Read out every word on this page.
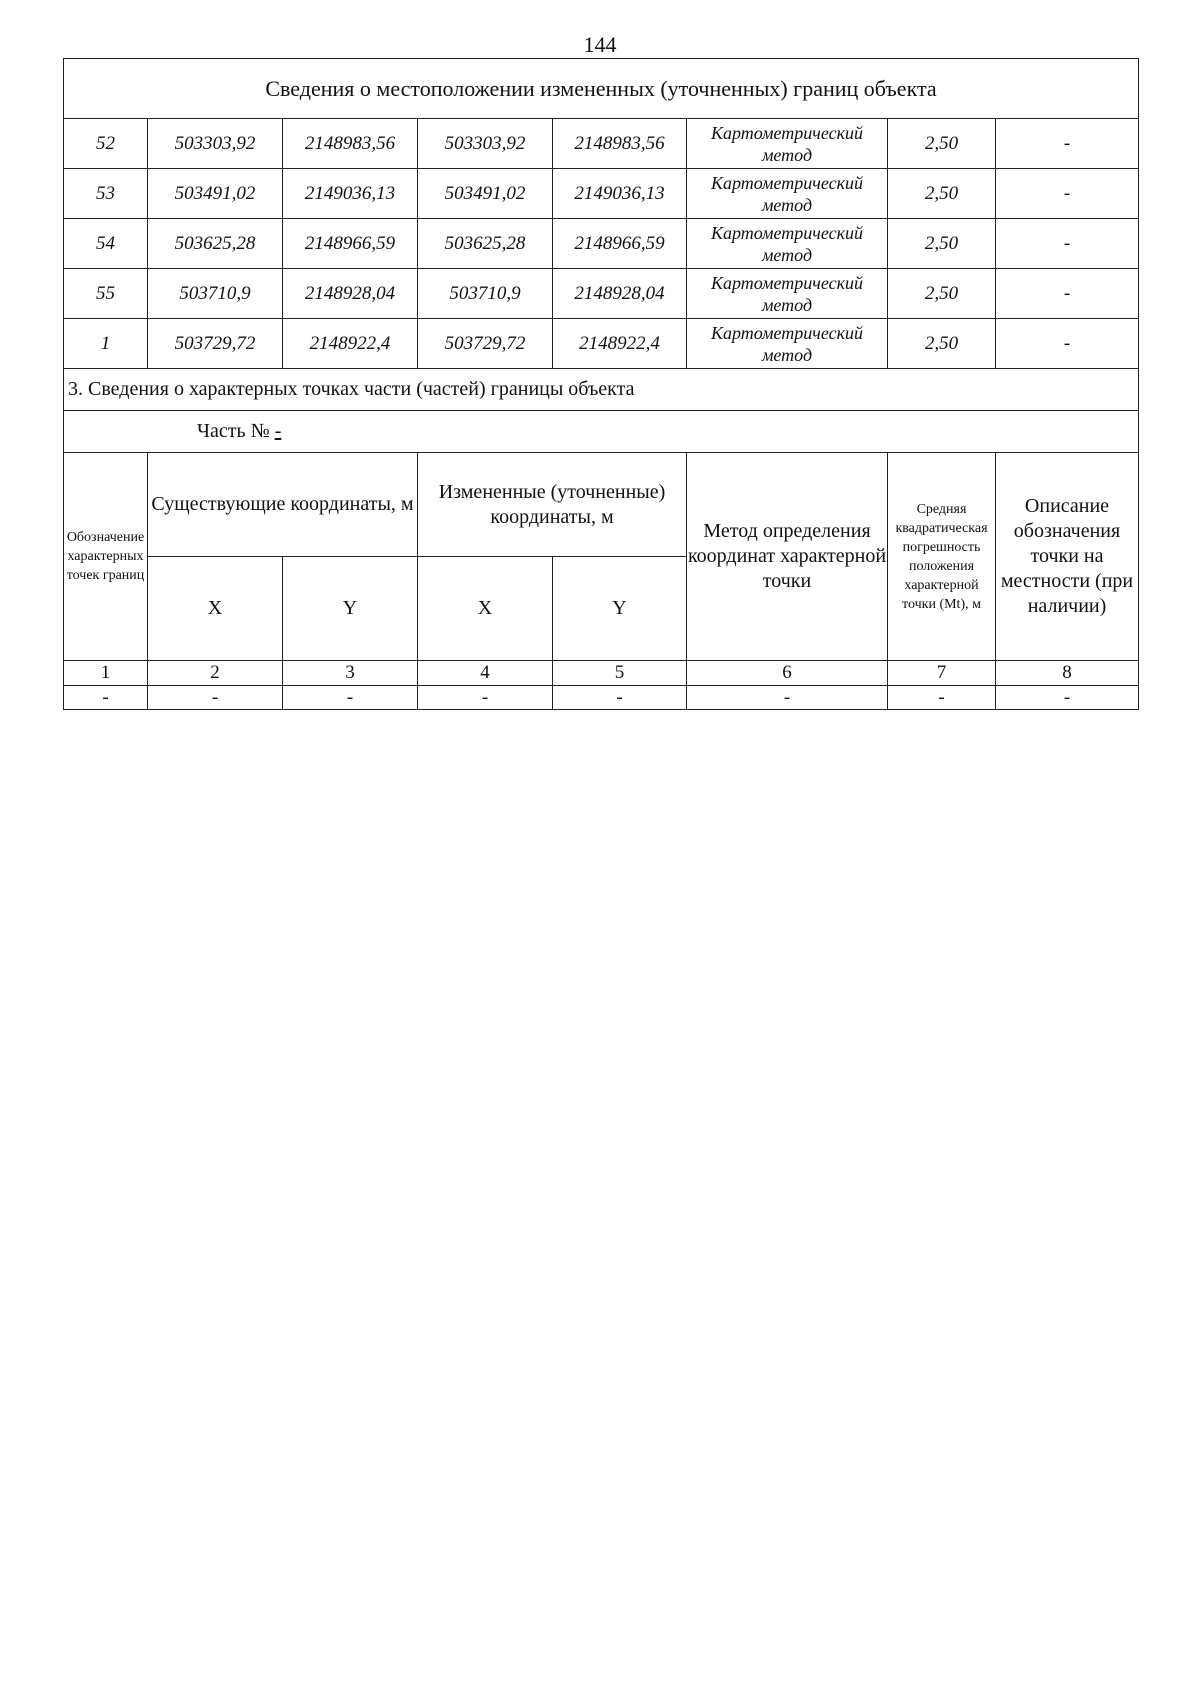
144
Сведения о местоположении измененных (уточненных) границ объекта							
52	503303,92	2148983,56	503303,92	2148983,56	Картометрический метод	2,50	-
53	503491,02	2149036,13	503491,02	2149036,13	Картометрический метод	2,50	-
54	503625,28	2148966,59	503625,28	2148966,59	Картометрический метод	2,50	-
55	503710,9	2148928,04	503710,9	2148928,04	Картометрический метод	2,50	-
1	503729,72	2148922,4	503729,72	2148922,4	Картометрический метод	2,50	-
3. Сведения о характерных точках части (частей) границы объекта							

Часть № -							

Обозначение характерных точек границ	Существующие координаты, м		Измененные (уточненные) координаты, м		Метод определения координат характерной точки	Средняя квадратическая погрешность положения характерной точки (Mt), м	Описание обозначения точки на местности (при наличии)
	X	Y	X	Y			
1	2	3	4	5	6	7	8
-	-	-	-	-	-	-	-
